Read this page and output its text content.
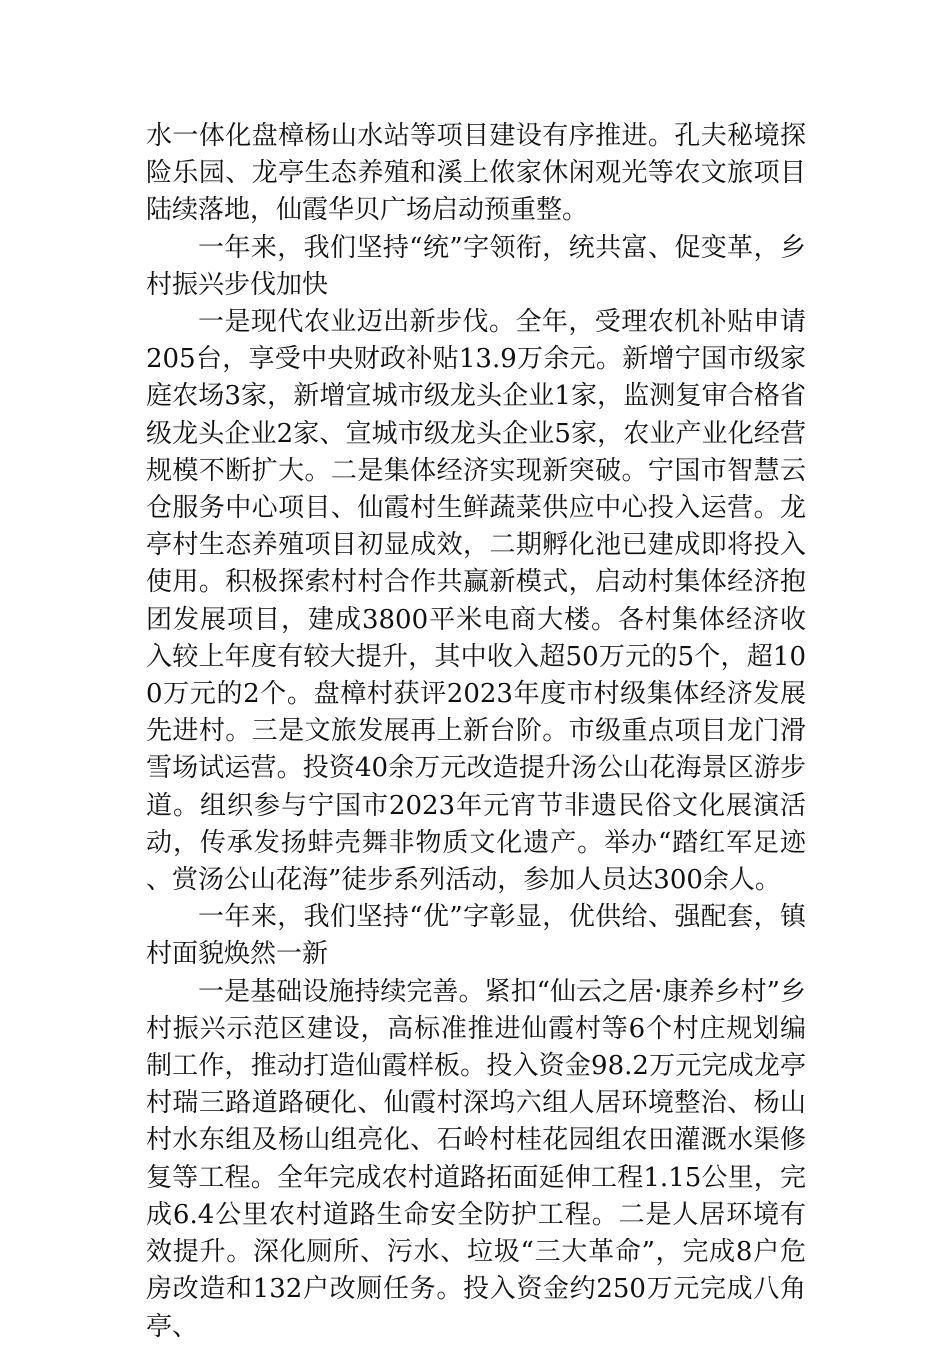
水一体化盘樟杨山水站等项目建设有序推进。孔夫秘境探险乐园、龙亭生态养殖和溪上侬家休闲观光等农文旅项目陆续落地，仙霞华贝广场启动预重整。

一年来，我们坚持“统”字领衔，统共富、促变革，乡村振兴步伐加快

一是现代农业迈出新步伐。全年，受理农机补贴申请205台，享受中央财政补贴13.9万余元。新增宁国市级家庭农场3家，新增宣城市级龙头企业1家，监测复审合格省级龙头企业2家、宣城市级龙头企业5家，农业产业化经营规模不断扩大。二是集体经济实现新突破。宁国市智慧云仓服务中心项目、仙霞村生鲜蔬菜供应中心投入运营。龙亭村生态养殖项目初显成效，二期孵化池已建成即将投入使用。积极探索村村合作共赢新模式，启动村集体经济抱团发展项目，建成3800平米电商大楼。各村集体经济收入较上年度有较大提升，其中收入超50万元的5个，超100万元的2个。盘樟村获评2023年度市村级集体经济发展先进村。三是文旅发展再上新台阶。市级重点项目龙门滑雪场试运营。投资40余万元改造提升汤公山花海景区游步道。组织参与宁国市2023年元宵节非遗民俗文化展演活动，传承发扬蚌壳舞非物质文化遗产。举办“踏红军足迹、赏汤公山花海”徒步系列活动，参加人员达300余人。

一年来，我们坚持“优”字彰显，优供给、强配套，镇村面貌焕然一新

一是基础设施持续完善。紧扣“仙云之居·康养乡村”乡村振兴示范区建设，高标准推进仙霞村等6个村庄规划编制工作，推动打造仙霞样板。投入资金98.2万元完成龙亭村瑞三路道路硬化、仙霞村深坞六组人居环境整治、杨山村水东组及杨山组亮化、石岭村桂花园组农田灌溉水渠修复等工程。全年完成农村道路拓面延伸工程1.15公里，完成6.4公里农村道路生命安全防护工程。二是人居环境有效提升。深化厕所、污水、垃圾“三大革命”，完成8户危房改造和132户改厕任务。投入资金约250万元完成八角亭、
